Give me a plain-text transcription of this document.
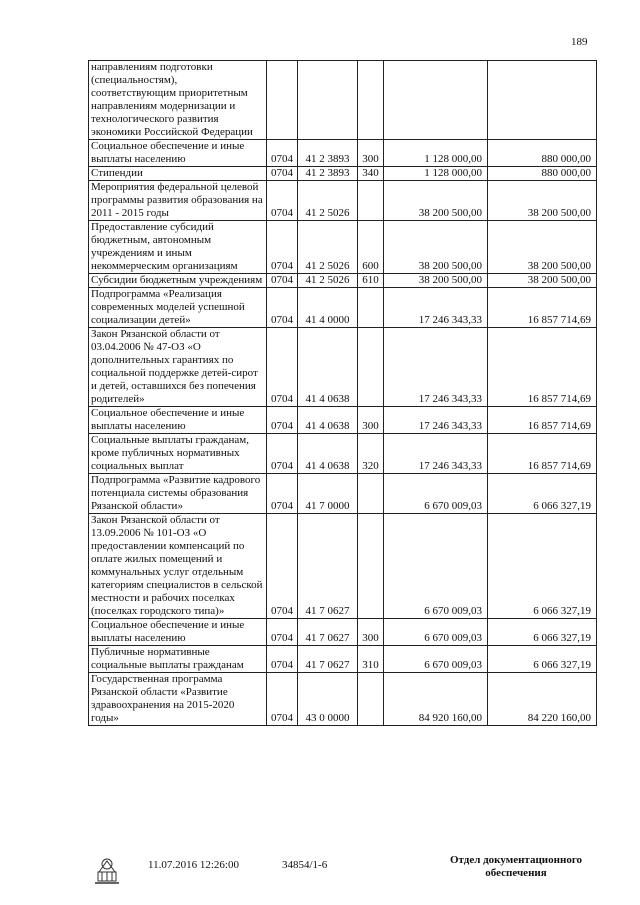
189
направлениям подготовки (специальностям), соответствующим приоритетным направлениям модернизации и технологического развития экономики Российской Федерации					
Социальное обеспечение и иные выплаты населению	0704	41 2 3893	300	1 128 000,00	880 000,00
Стипендии	0704	41 2 3893	340	1 128 000,00	880 000,00
Мероприятия федеральной целевой программы развития образования на 2011 - 2015 годы	0704	41 2 5026		38 200 500,00	38 200 500,00
Предоставление субсидий бюджетным, автономным учреждениям и иным некоммерческим организациям	0704	41 2 5026	600	38 200 500,00	38 200 500,00
Субсидии бюджетным учреждениям	0704	41 2 5026	610	38 200 500,00	38 200 500,00
Подпрограмма «Реализация современных моделей успешной социализации детей»	0704	41 4 0000		17 246 343,33	16 857 714,69
Закон Рязанской области от 03.04.2006 № 47-ОЗ «О дополнительных гарантиях по социальной поддержке детей-сирот и детей, оставшихся без попечения родителей»	0704	41 4 0638		17 246 343,33	16 857 714,69
Социальное обеспечение и иные выплаты населению	0704	41 4 0638	300	17 246 343,33	16 857 714,69
Социальные выплаты гражданам, кроме публичных нормативных социальных выплат	0704	41 4 0638	320	17 246 343,33	16 857 714,69
Подпрограмма «Развитие кадрового потенциала системы образования Рязанской области»	0704	41 7 0000		6 670 009,03	6 066 327,19
Закон Рязанской области от 13.09.2006 № 101-ОЗ «О предоставлении компенсаций по оплате жилых помещений и коммунальных услуг отдельным категориям специалистов в сельской местности и рабочих поселках (поселках городского типа)»	0704	41 7 0627		6 670 009,03	6 066 327,19
Социальное обеспечение и иные выплаты населению	0704	41 7 0627	300	6 670 009,03	6 066 327,19
Публичные нормативные социальные выплаты гражданам	0704	41 7 0627	310	6 670 009,03	6 066 327,19
Государственная программа Рязанской области «Развитие здравоохранения на 2015-2020 годы»	0704	43 0 0000		84 920 160,00	84 220 160,00
11.07.2016 12:26:00	34854/1-6	Отдел документационного обеспечения
